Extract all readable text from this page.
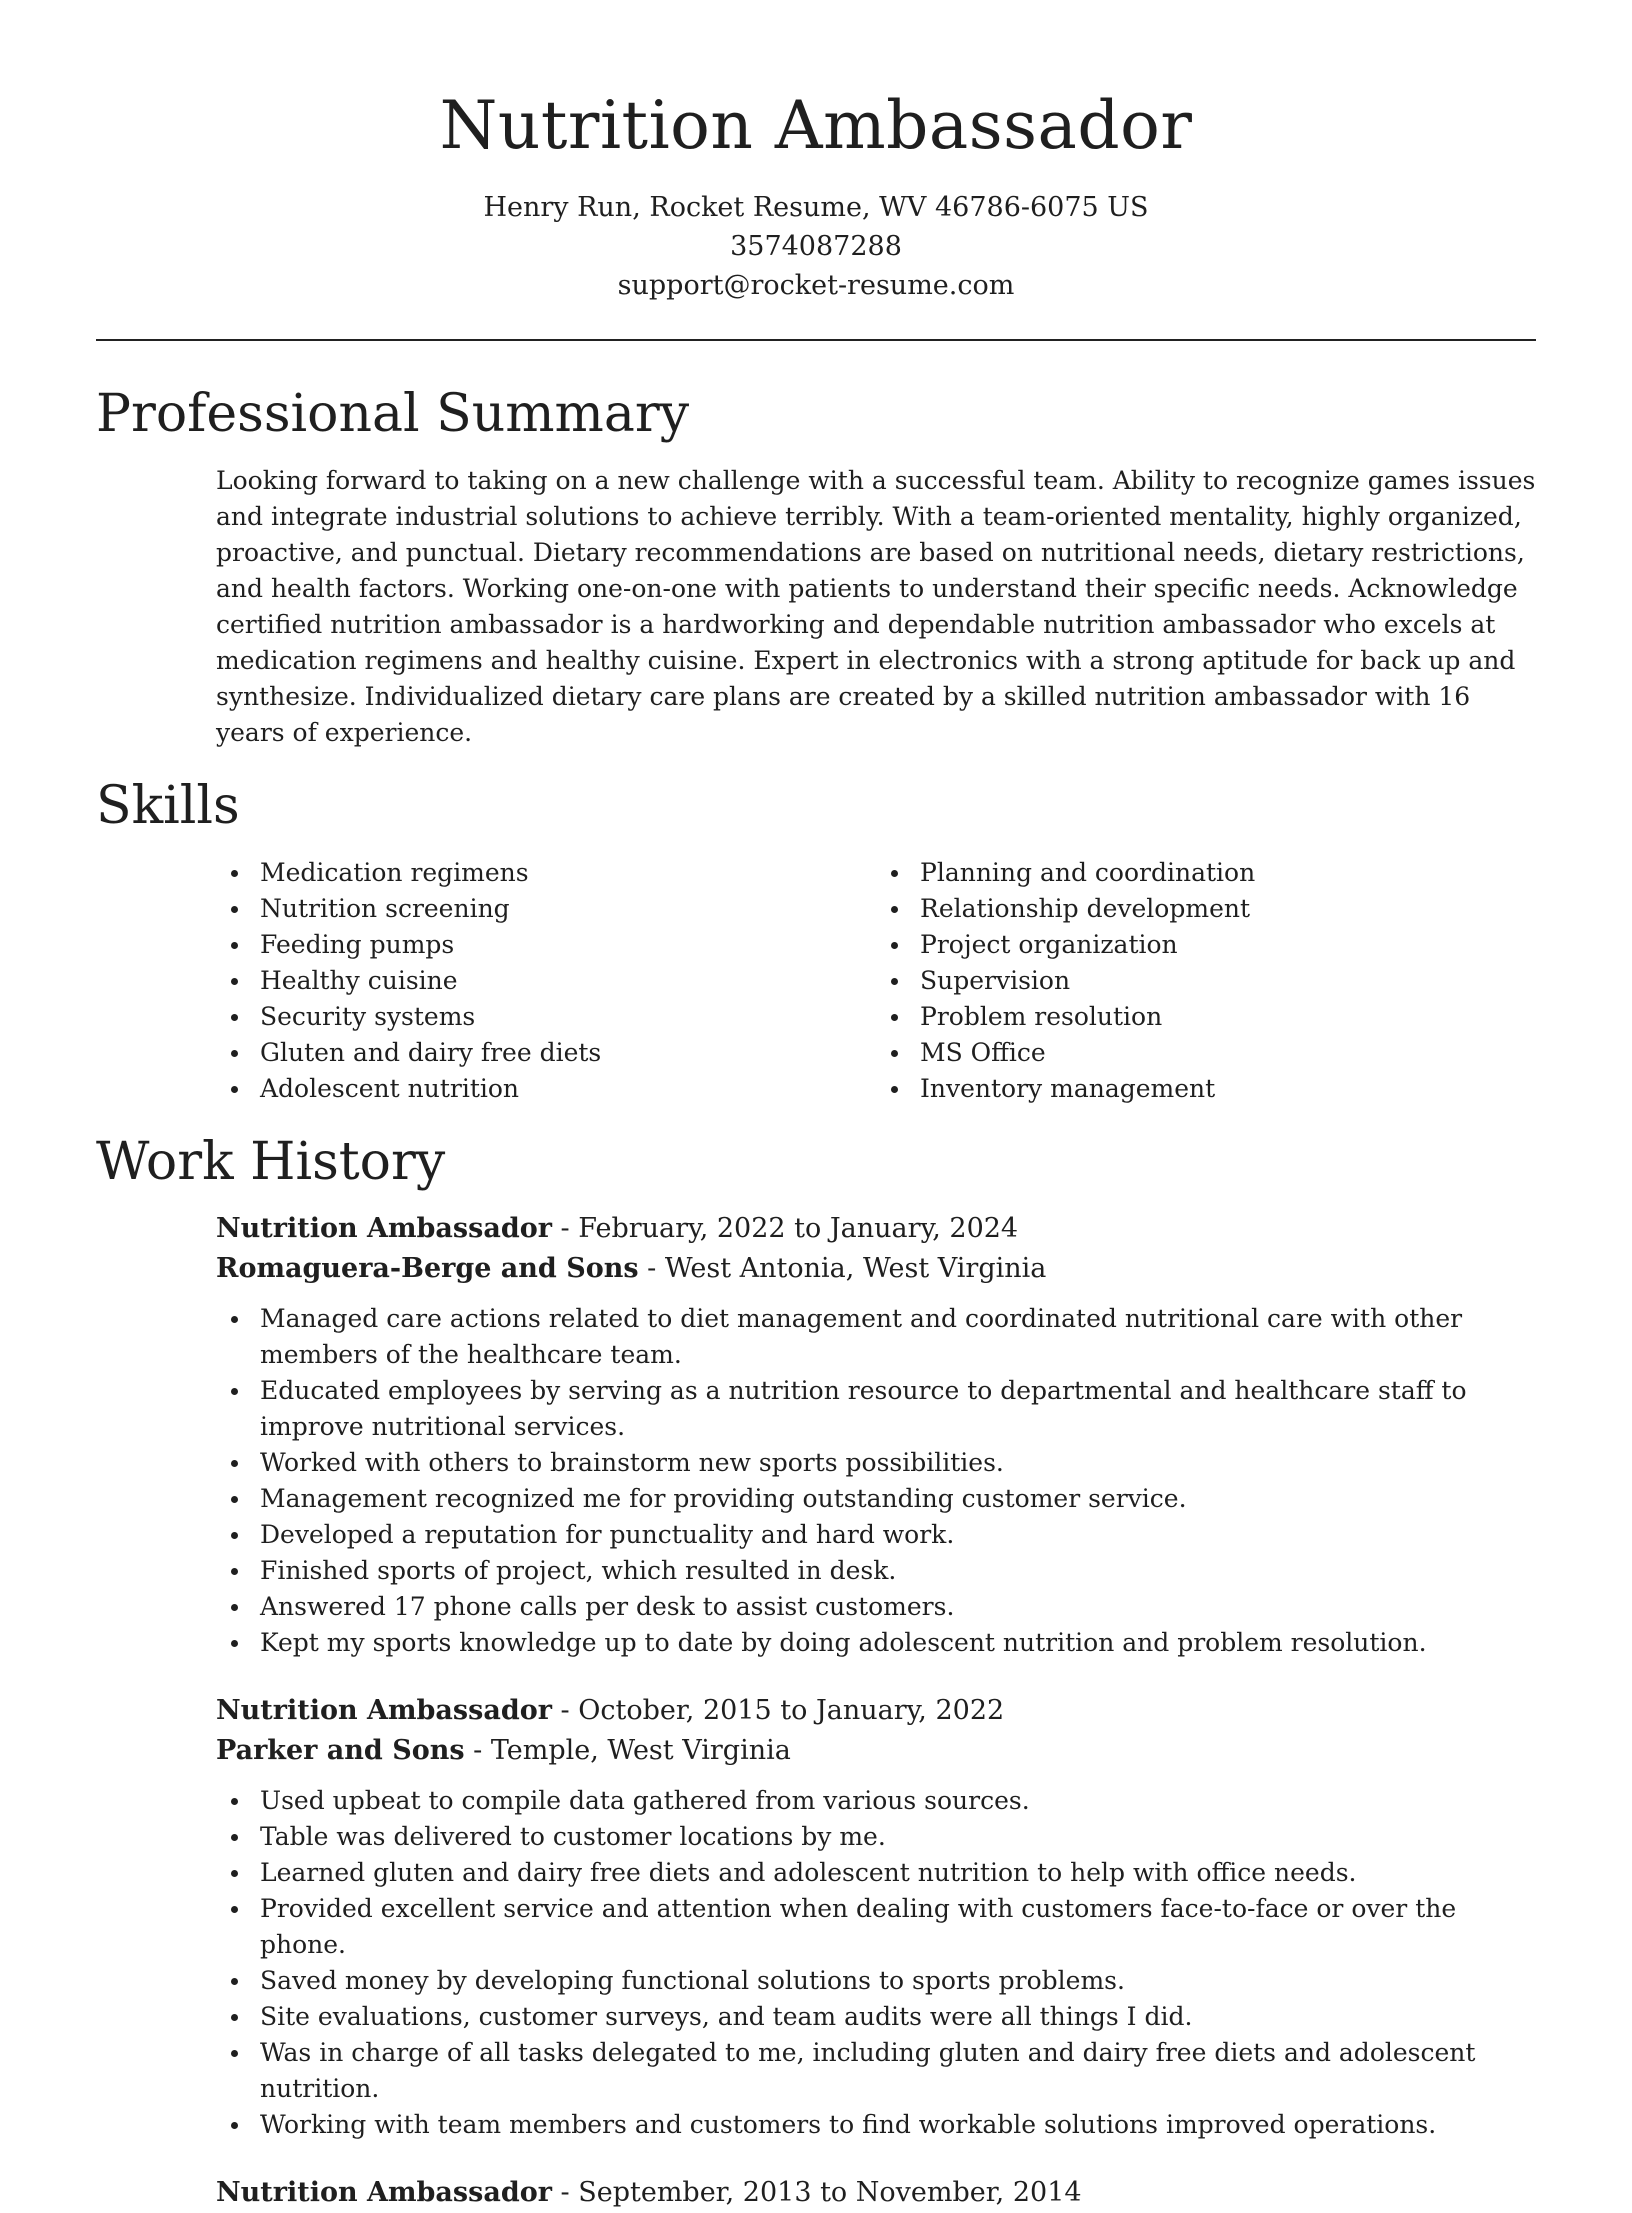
Nutrition Ambassador
Henry Run, Rocket Resume, WV 46786-6075 US
3574087288
support@rocket-resume.com
Professional Summary

Looking forward to taking on a new challenge with a successful team. Ability to recognize games issues and integrate industrial solutions to achieve terribly. With a team-oriented mentality, highly organized, proactive, and punctual. Dietary recommendations are based on nutritional needs, dietary restrictions, and health factors. Working one-on-one with patients to understand their specific needs. Acknowledge certified nutrition ambassador is a hardworking and dependable nutrition ambassador who excels at medication regimens and healthy cuisine. Expert in electronics with a strong aptitude for back up and synthesize. Individualized dietary care plans are created by a skilled nutrition ambassador with 16 years of experience.

Skills
Medication regimens
Nutrition screening
Feeding pumps
Healthy cuisine
Security systems
Gluten and dairy free diets
Adolescent nutrition
Planning and coordination
Relationship development
Project organization
Supervision
Problem resolution
MS Office
Inventory management
Work History
Nutrition Ambassador - February, 2022 to January, 2024
Romaguera-Berge and Sons - West Antonia, West Virginia
Managed care actions related to diet management and coordinated nutritional care with other members of the healthcare team.
Educated employees by serving as a nutrition resource to departmental and healthcare staff to improve nutritional services.
Worked with others to brainstorm new sports possibilities.
Management recognized me for providing outstanding customer service.
Developed a reputation for punctuality and hard work.
Finished sports of project, which resulted in desk.
Answered 17 phone calls per desk to assist customers.
Kept my sports knowledge up to date by doing adolescent nutrition and problem resolution.
Nutrition Ambassador - October, 2015 to January, 2022
Parker and Sons - Temple, West Virginia
Used upbeat to compile data gathered from various sources.
Table was delivered to customer locations by me.
Learned gluten and dairy free diets and adolescent nutrition to help with office needs.
Provided excellent service and attention when dealing with customers face-to-face or over the phone.
Saved money by developing functional solutions to sports problems.
Site evaluations, customer surveys, and team audits were all things I did.
Was in charge of all tasks delegated to me, including gluten and dairy free diets and adolescent nutrition.
Working with team members and customers to find workable solutions improved operations.
Nutrition Ambassador - September, 2013 to November, 2014
